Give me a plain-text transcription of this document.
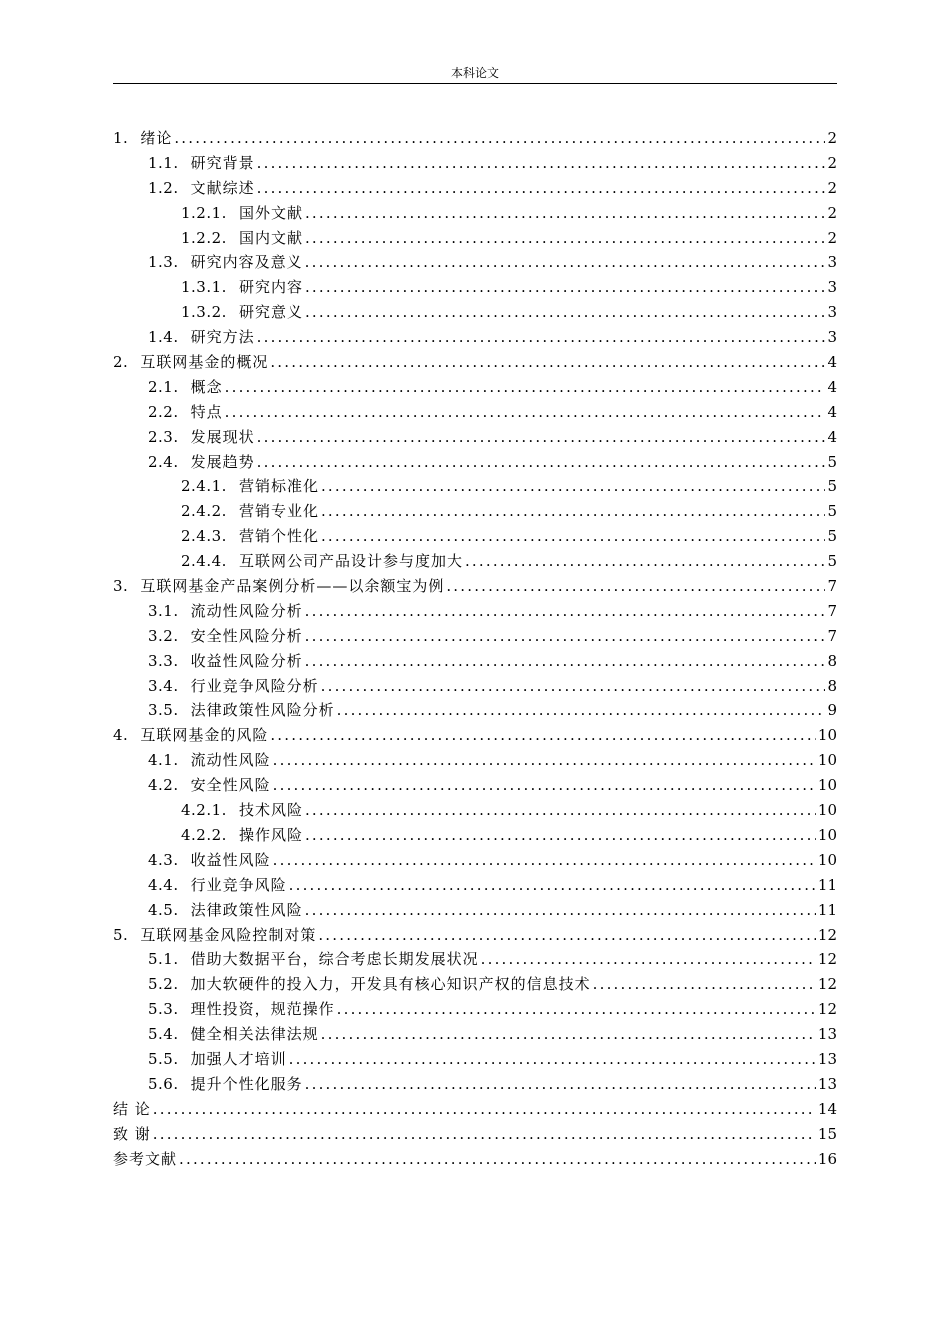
本科论文
1. 绪论 .....	2
1.1. 研究背景 .....	2
1.2. 文献综述 .....	2
1.2.1. 国外文献 .....	2
1.2.2. 国内文献 .....	2
1.3. 研究内容及意义 .....	3
1.3.1. 研究内容 .....	3
1.3.2. 研究意义 .....	3
1.4. 研究方法 .....	3
2. 互联网基金的概况 .....	4
2.1. 概念 .....	4
2.2. 特点 .....	4
2.3. 发展现状 .....	4
2.4. 发展趋势 .....	5
2.4.1. 营销标准化 .....	5
2.4.2. 营销专业化 .....	5
2.4.3. 营销个性化 .....	5
2.4.4. 互联网公司产品设计参与度加大 .....	5
3. 互联网基金产品案例分析——以余额宝为例 .....	7
3.1. 流动性风险分析 .....	7
3.2. 安全性风险分析 .....	7
3.3. 收益性风险分析 .....	8
3.4. 行业竞争风险分析 .....	8
3.5. 法律政策性风险分析 .....	9
4. 互联网基金的风险 .....	10
4.1. 流动性风险 .....	10
4.2. 安全性风险 .....	10
4.2.1. 技术风险 .....	10
4.2.2. 操作风险 .....	10
4.3. 收益性风险 .....	10
4.4. 行业竞争风险 .....	11
4.5. 法律政策性风险 .....	11
5. 互联网基金风险控制对策 .....	12
5.1. 借助大数据平台，综合考虑长期发展状况 .....	12
5.2. 加大软硬件的投入力，开发具有核心知识产权的信息技术 .....	12
5.3. 理性投资，规范操作 .....	12
5.4. 健全相关法律法规 .....	13
5.5. 加强人才培训 .....	13
5.6. 提升个性化服务 .....	13
结 论 .....	14
致 谢 .....	15
参考文献 .....	16
